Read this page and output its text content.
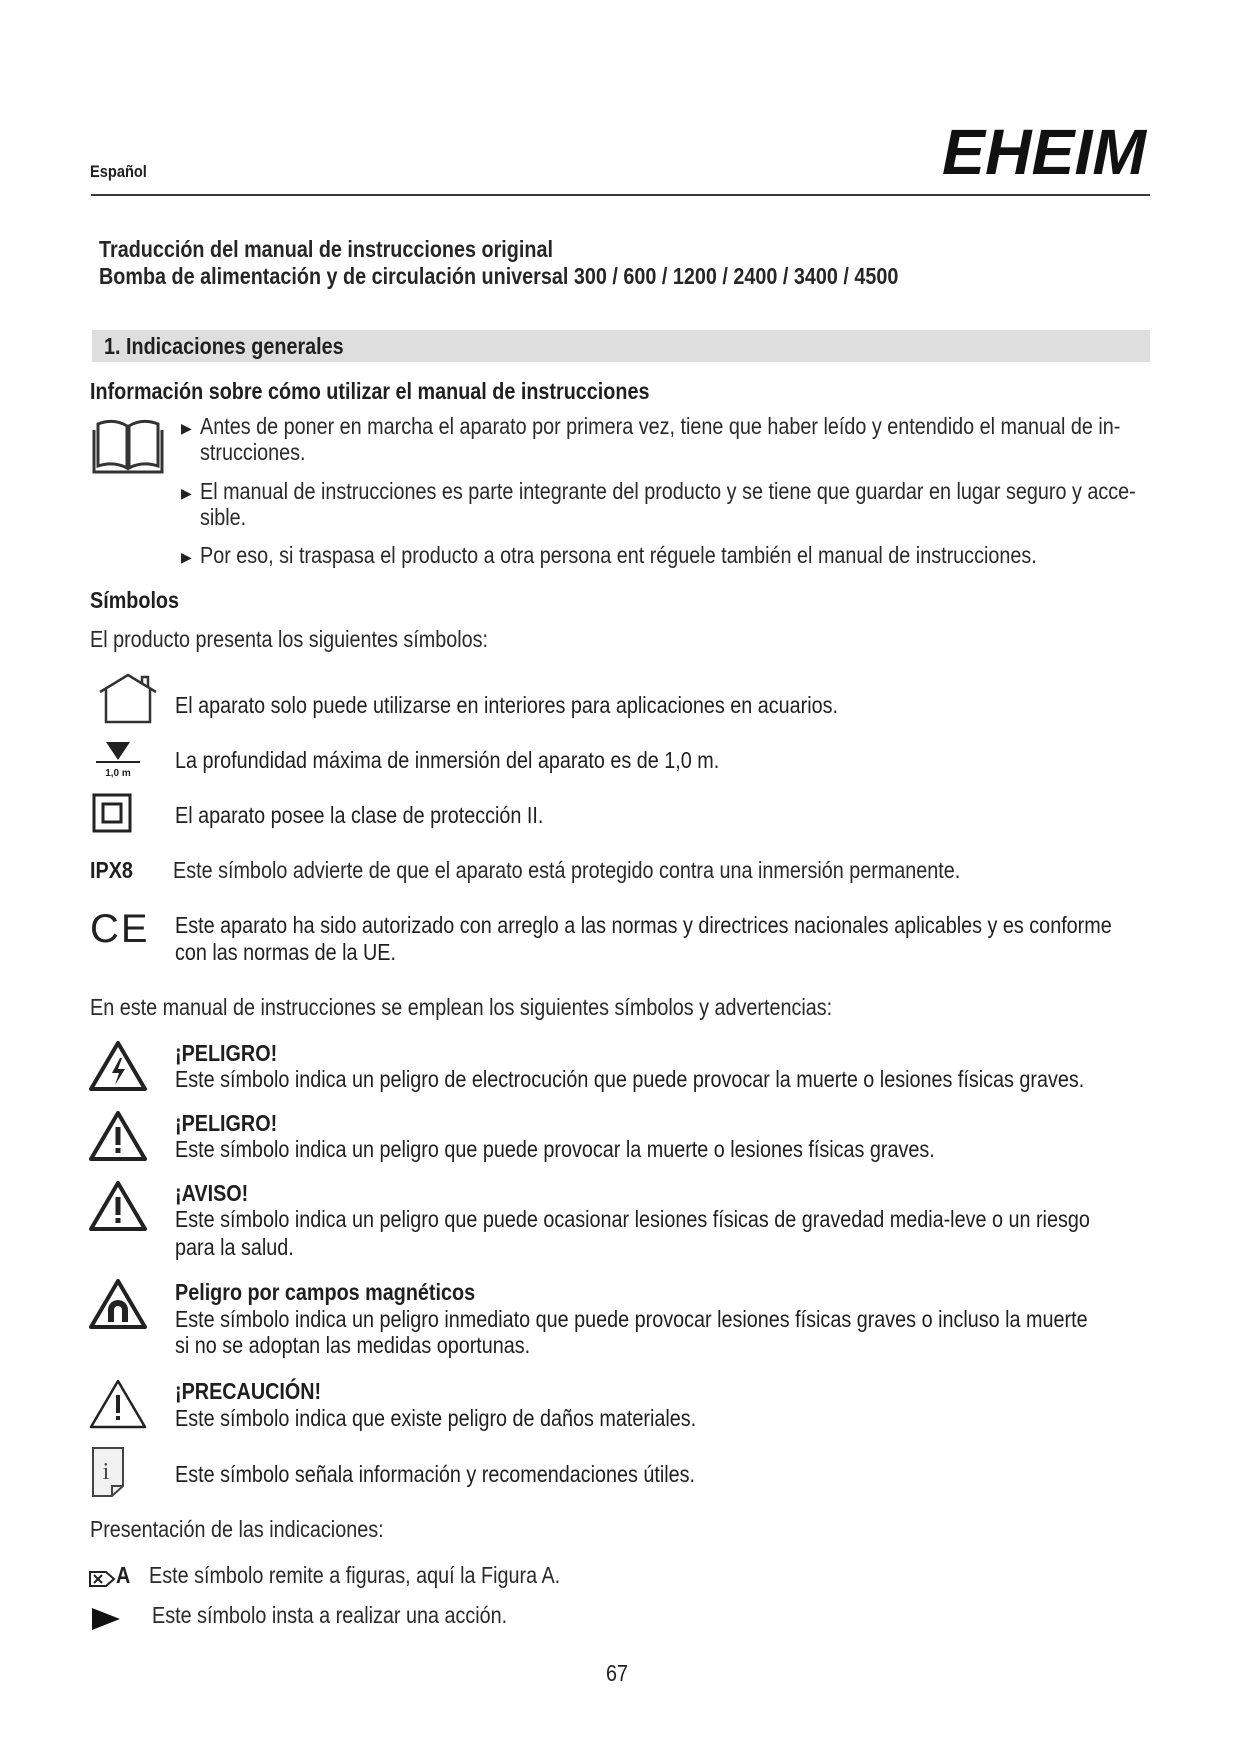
Español	EHEIM
Traducción del manual de instrucciones original
Bomba de alimentación y de circulación universal 300 / 600 / 1200 / 2400 / 3400 / 4500
1. Indicaciones generales
Información sobre cómo utilizar el manual de instrucciones
▶ Antes de poner en marcha el aparato por primera vez, tiene que haber leído y entendido el manual de in-
strucciones.
▶ El manual de instrucciones es parte integrante del producto y se tiene que guardar en lugar seguro y acce-
sible.
▶ Por eso, si traspasa el producto a otra persona ent réguele también el manual de instrucciones.
Símbolos
El producto presenta los siguientes símbolos:
El aparato solo puede utilizarse en interiores para aplicaciones en acuarios.
1,0 m
La profundidad máxima de inmersión del aparato es de 1,0 m.
El aparato posee la clase de protección II.
IPX8 Este símbolo advierte de que el aparato está protegido contra una inmersión permanente.
CE Este aparato ha sido autorizado con arreglo a las normas y directrices nacionales aplicables y es conforme
con las normas de la UE.
En este manual de instrucciones se emplean los siguientes símbolos y advertencias:
¡PELIGRO!
Este símbolo indica un peligro de electrocución que puede provocar la muerte o lesiones físicas graves.
¡PELIGRO!
Este símbolo indica un peligro que puede provocar la muerte o lesiones físicas graves.
¡AVISO!
Este símbolo indica un peligro que puede ocasionar lesiones físicas de gravedad media-leve o un riesgo
para la salud.
Peligro por campos magnéticos
Este símbolo indica un peligro inmediato que puede provocar lesiones físicas graves o incluso la muerte
si no se adoptan las medidas oportunas.
¡PRECAUCIÓN!
Este símbolo indica que existe peligro de daños materiales.
i	Este símbolo señala información y recomendaciones útiles.
Presentación de las indicaciones:
A Este símbolo remite a figuras, aquí la Figura A.
Este símbolo insta a realizar una acción.
67
